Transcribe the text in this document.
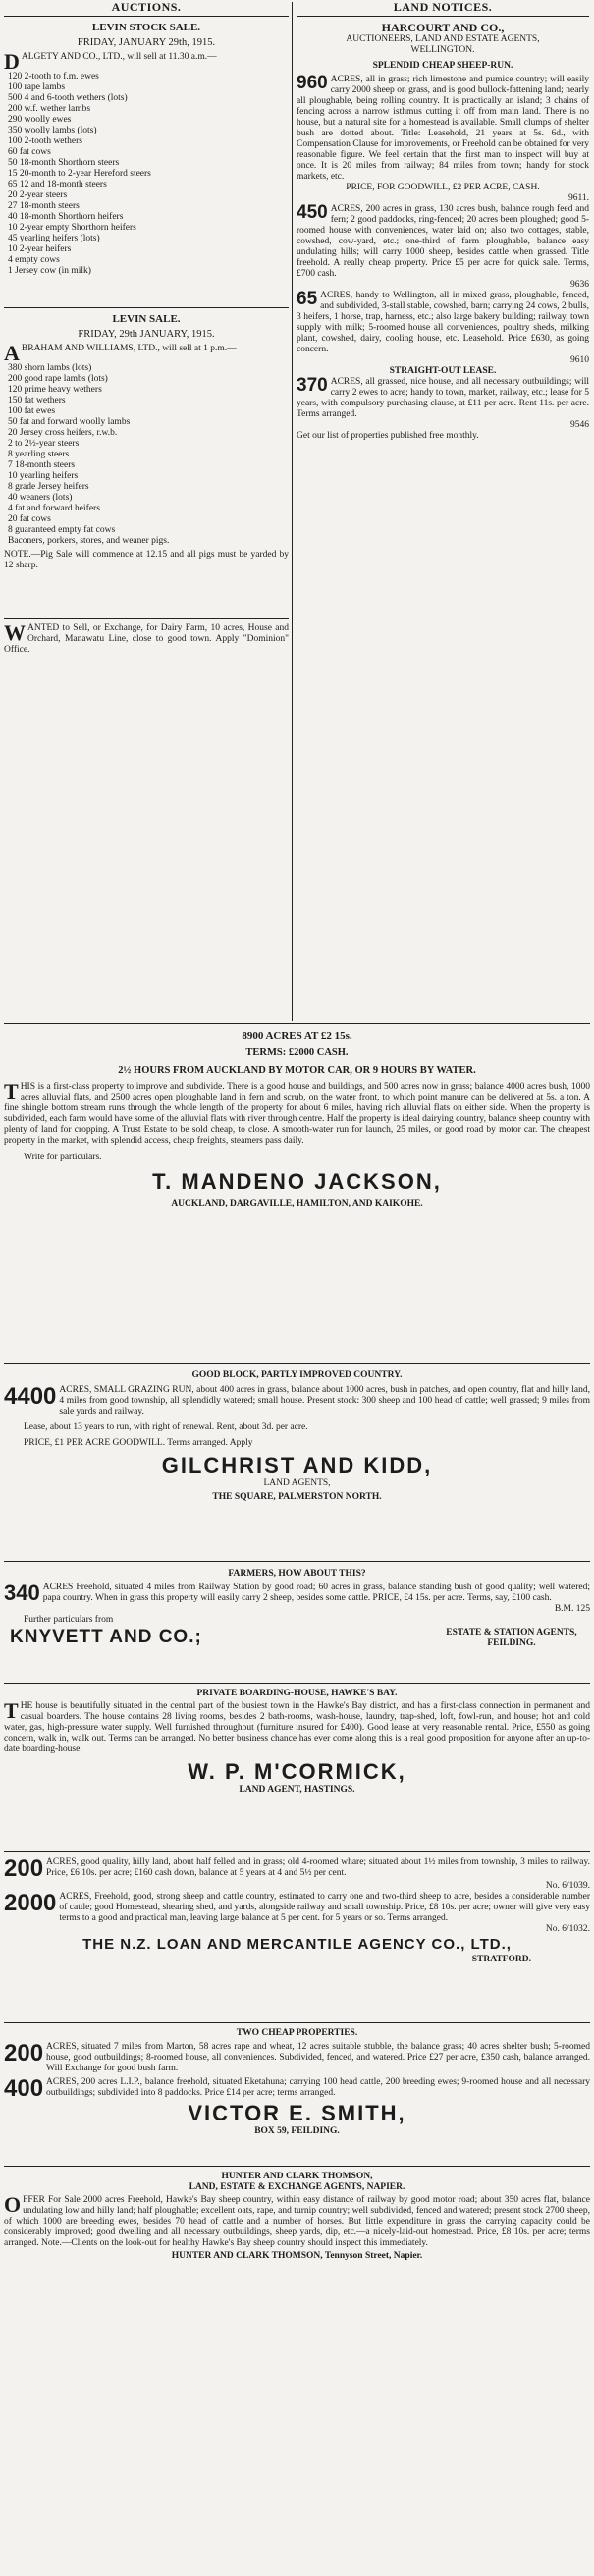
AUCTIONS.

LEVIN STOCK SALE.

FRIDAY, JANUARY 29th, 1915.

D ALGETY AND CO., LTD., will sell at 11.30 a.m.—

120 2-tooth to f.m. ewes
100 rape lambs
500 4 and 6-tooth wethers (lots)
200 w.f. wether lambs
290 woolly ewes
350 woolly lambs (lots)
100 2-tooth wethers
60 fat cows
50 18-month Shorthorn steers
15 20-month to 2-year Hereford steers
65 12 and 18-month steers
20 2-year steers
27 18-month steers
40 18-month Shorthorn heifers
10 2-year empty Shorthorn heifers
45 yearling heifers (lots)
10 2-year heifers
4 empty cows
1 Jersey cow (in milk)

LEVIN SALE.

FRIDAY, 29th JANUARY, 1915.

A BRAHAM AND WILLIAMS, LTD., will sell at 1 p.m.—

380 shorn lambs (lots)
200 good rape lambs (lots)
120 prime heavy wethers
150 fat wethers
100 fat ewes
50 fat and forward woolly lambs
20 Jersey cross heifers, r.w.b.
2 to 2½-year steers
8 yearling steers
7 18-month steers
10 yearling heifers
8 grade Jersey heifers
40 weaners (lots)
4 fat and forward heifers
20 fat cows
8 guaranteed empty fat cows
Baconers, porkers, stores, and weaner pigs.

NOTE.—Pig Sale will commence at 12.15 and all pigs must be yarded by 12 sharp.

W ANTED to Sell, or Exchange, for Dairy Farm, 10 acres, House and Orchard, Manawatu Line, close to good town. Apply "Dominion" Office.

LAND NOTICES.

HARCOURT AND CO.,

AUCTIONEERS, LAND AND ESTATE AGENTS,

WELLINGTON.

SPLENDID CHEAP SHEEP-RUN.

960 ACRES, all in grass; rich limestone and pumice country; will easily carry 2000 sheep on grass, and is good bullock-fattening land; nearly all ploughable, being rolling country. It is practically an island; 3 chains of fencing across a narrow isthmus cutting it off from main land. There is no house, but a natural site for a homestead is available. Small clumps of shelter bush are dotted about. Title: Leasehold, 21 years at 5s. 6d., with Compensation Clause for improvements, or Freehold can be obtained for very reasonable figure. We feel certain that the first man to inspect will buy at once. It is 20 miles from railway; 84 miles from town; handy for stock markets, etc.

PRICE, FOR GOODWILL, £2 PER ACRE, CASH.

9611.

450 ACRES, 200 acres in grass, 130 acres bush, balance rough feed and fern; 2 good paddocks, ring-fenced; 20 acres been ploughed; good 5-roomed house with conveniences, water laid on; also two cottages, stable, cowshed, cow-yard, etc.; one-third of farm ploughable, balance easy undulating hills; will carry 1000 sheep, besides cattle when grassed. Title freehold. A really cheap property. Price £5 per acre for quick sale. Terms, £700 cash.

9636

65 ACRES, handy to Wellington, all in mixed grass, ploughable, fenced, and subdivided, 3-stall stable, cowshed, barn; carrying 24 cows, 2 bulls, 3 heifers, 1 horse, trap, harness, etc.; also large bakery building; railway, town supply with milk; 5-roomed house all conveniences, poultry sheds, milking plant, cowshed, dairy, cooling house, etc. Leasehold. Price £630, as going concern.

9610

STRAIGHT-OUT LEASE.

370 ACRES, all grassed, nice house, and all necessary outbuildings; will carry 2 ewes to acre; handy to town, market, railway, etc.; lease for 5 years, with compulsory purchasing clause, at £11 per acre. Rent 11s. per acre. Terms arranged.

9546

Get our list of properties published free monthly.

8900 ACRES AT £2 15s.

TERMS: £2000 CASH.

2½ HOURS FROM AUCKLAND BY MOTOR CAR, OR 9 HOURS BY WATER.

T HIS is a first-class property to improve and subdivide. There is a good house and buildings, and 500 acres now in grass; balance 4000 acres bush, 1000 acres alluvial flats, and 2500 acres open ploughable land in fern and scrub, on the water front, to which point manure can be delivered at 5s. a ton. A fine shingle bottom stream runs through the whole length of the property for about 6 miles, having rich alluvial flats on either side. When the property is subdivided, each farm would have some of the alluvial flats with river through centre. Half the property is ideal dairying country, balance sheep country with plenty of land for cropping. A Trust Estate to be sold cheap, to close. A smooth-water run for launch, 25 miles, or good road by motor car. The cheapest property in the market, with splendid access, cheap freights, steamers pass daily.

Write for particulars.

T. MANDENO JACKSON,

AUCKLAND, DARGAVILLE, HAMILTON, AND KAIKOHE.

GOOD BLOCK, PARTLY IMPROVED COUNTRY.

4400 ACRES, SMALL GRAZING RUN, about 400 acres in grass, balance about 1000 acres, bush in patches, and open country, flat and hilly land, 4 miles from good township, all splendidly watered; small house. Present stock: 300 sheep and 100 head of cattle; well grassed; 9 miles from sale yards and railway.

Lease, about 13 years to run, with right of renewal. Rent, about 3d. per acre.

PRICE, £1 PER ACRE GOODWILL. Terms arranged. Apply

GILCHRIST AND KIDD,

LAND AGENTS,

THE SQUARE, PALMERSTON NORTH.

FARMERS, HOW ABOUT THIS?

340 ACRES Freehold, situated 4 miles from Railway Station by good road; 60 acres in grass, balance standing bush of good quality; well watered; papa country. When in grass this property will easily carry 2 sheep, besides some cattle. PRICE, £4 15s. per acre. Terms, say, £100 cash.

B.M. 125

Further particulars from

KNYVETT AND CO.;	ESTATE & STATION AGENTS, FEILDING.

PRIVATE BOARDING-HOUSE, HAWKE'S BAY.

T HE house is beautifully situated in the central part of the busiest town in the Hawke's Bay district, and has a first-class connection in permanent and casual boarders. The house contains 28 living rooms, besides 2 bath-rooms, wash-house, laundry, trap-shed, loft, fowl-run, and house; hot and cold water, gas, high-pressure water supply. Well furnished throughout (furniture insured for £400). Good lease at very reasonable rental. Price, £550 as going concern, walk in, walk out. Terms can be arranged. No better business chance has ever come along this is a real good proposition for anyone after an up-to-date boarding-house.

W. P. M'CORMICK,

LAND AGENT, HASTINGS.

200 ACRES, good quality, hilly land, about half felled and in grass; old 4-roomed whare; situated about 1½ miles from township, 3 miles to railway. Price, £6 10s. per acre; £160 cash down, balance at 5 years at 4 and 5½ per cent.

No. 6/1039.

2000 ACRES, Freehold, good, strong sheep and cattle country, estimated to carry one and two-third sheep to acre, besides a considerable number of cattle; good Homestead, shearing shed, and yards, alongside railway and small township. Price, £8 10s. per acre; owner will give very easy terms to a good and practical man, leaving large balance at 5 per cent. for 5 years or so. Terms arranged.

No. 6/1032.

THE N.Z. LOAN AND MERCANTILE AGENCY CO., LTD.,

STRATFORD.

TWO CHEAP PROPERTIES.

200 ACRES, situated 7 miles from Marton, 58 acres rape and wheat, 12 acres suitable stubble, the balance grass; 40 acres shelter bush; 5-roomed house, good outbuildings; 8-roomed house, all conveniences. Subdivided, fenced, and watered. Price £27 per acre, £350 cash, balance arranged. Will Exchange for good bush farm.

400 ACRES, 200 acres L.I.P., balance freehold, situated Eketahuna; carrying 100 head cattle, 200 breeding ewes; 9-roomed house and all necessary outbuildings; subdivided into 8 paddocks. Price £14 per acre; terms arranged.

VICTOR E. SMITH,

BOX 59, FEILDING.

HUNTER AND CLARK THOMSON,

LAND, ESTATE & EXCHANGE AGENTS, NAPIER.

O FFER For Sale 2000 acres Freehold, Hawke's Bay sheep country, within easy distance of railway by good motor road; about 350 acres flat, balance undulating low and hilly land; half ploughable; excellent oats, rape, and turnip country; well subdivided, fenced and watered; present stock 2700 sheep, of which 1000 are breeding ewes, besides 70 head of cattle and a number of horses. But little expenditure in grass the carrying capacity could be considerably improved; good dwelling and all necessary outbuildings, sheep yards, dip, etc.—a nicely-laid-out homestead. Price, £8 10s. per acre; terms arranged. Note.—Clients on the look-out for healthy Hawke's Bay sheep country should inspect this immediately.

HUNTER AND CLARK THOMSON, Tennyson Street, Napier.
